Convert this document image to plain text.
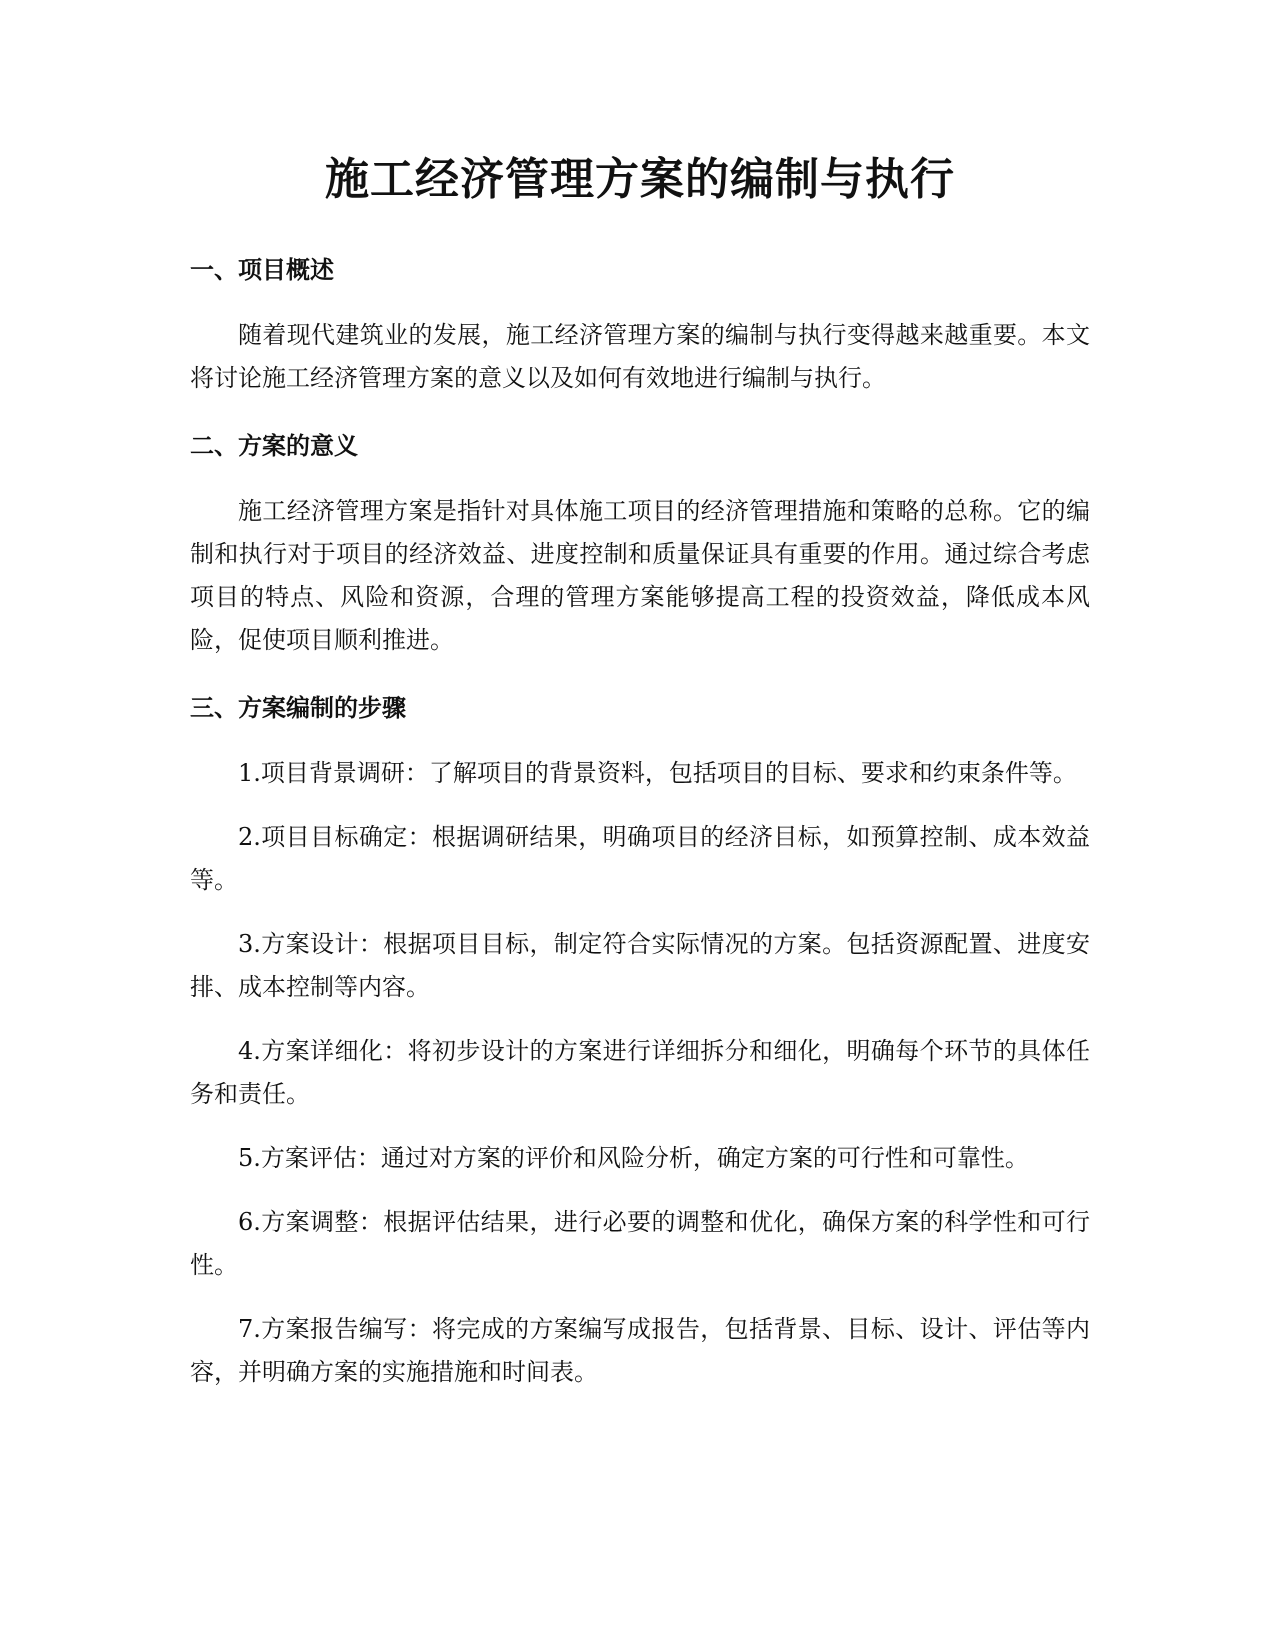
施工经济管理方案的编制与执行
一、项目概述

随着现代建筑业的发展，施工经济管理方案的编制与执行变得越来越重要。本文将讨论施工经济管理方案的意义以及如何有效地进行编制与执行。

二、方案的意义

施工经济管理方案是指针对具体施工项目的经济管理措施和策略的总称。它的编制和执行对于项目的经济效益、进度控制和质量保证具有重要的作用。通过综合考虑项目的特点、风险和资源，合理的管理方案能够提高工程的投资效益，降低成本风险，促使项目顺利推进。

三、方案编制的步骤

1.项目背景调研：了解项目的背景资料，包括项目的目标、要求和约束条件等。

2.项目目标确定：根据调研结果，明确项目的经济目标，如预算控制、成本效益等。

3.方案设计：根据项目目标，制定符合实际情况的方案。包括资源配置、进度安排、成本控制等内容。

4.方案详细化：将初步设计的方案进行详细拆分和细化，明确每个环节的具体任务和责任。

5.方案评估：通过对方案的评价和风险分析，确定方案的可行性和可靠性。

6.方案调整：根据评估结果，进行必要的调整和优化，确保方案的科学性和可行性。

7.方案报告编写：将完成的方案编写成报告，包括背景、目标、设计、评估等内容，并明确方案的实施措施和时间表。
